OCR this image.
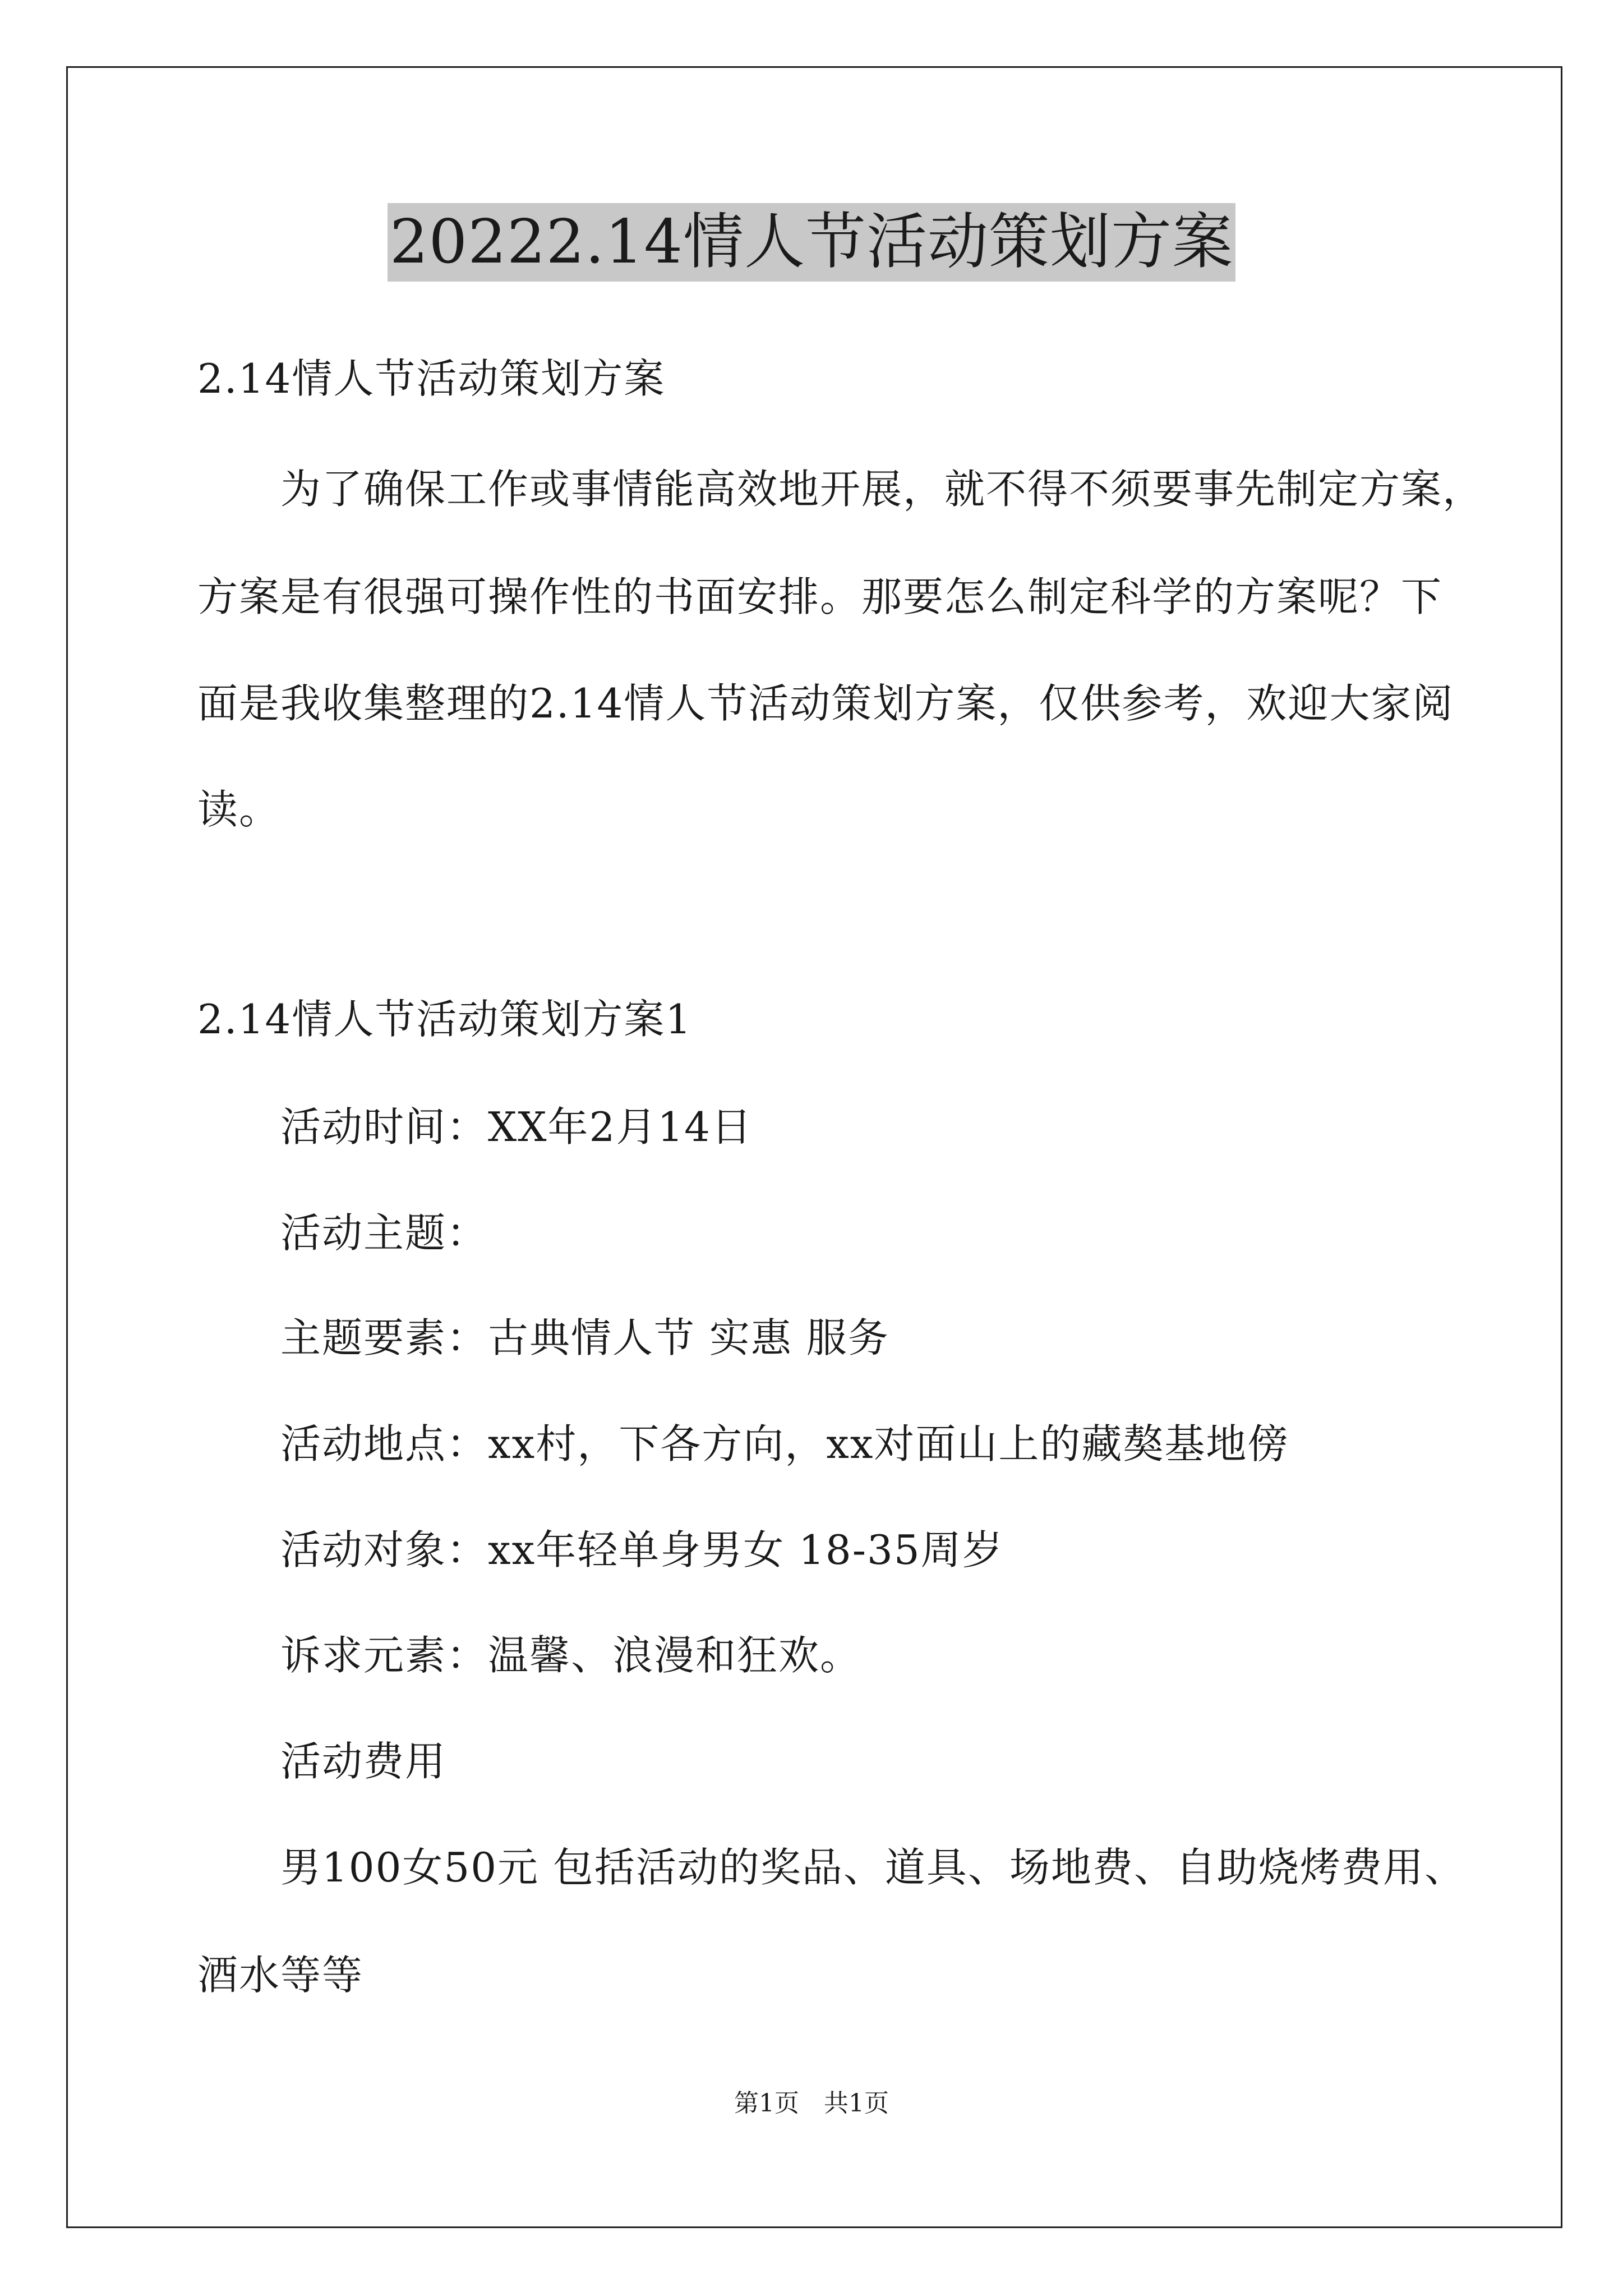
20222.14情人节活动策划方案
2.14情人节活动策划方案
为了确保工作或事情能高效地开展，就不得不须要事先制定方案，
方案是有很强可操作性的书面安排。那要怎么制定科学的方案呢？下
面是我收集整理的2.14情人节活动策划方案，仅供参考，欢迎大家阅
读。
2.14情人节活动策划方案1
活动时间：XX年2月14日
活动主题：
主题要素：古典情人节 实惠 服务
活动地点：xx村，下各方向，xx对面山上的藏獒基地傍
活动对象：xx年轻单身男女 18-35周岁
诉求元素：温馨、浪漫和狂欢。
活动费用
男100女50元 包括活动的奖品、道具、场地费、自助烧烤费用、
酒水等等
第1页　共1页
